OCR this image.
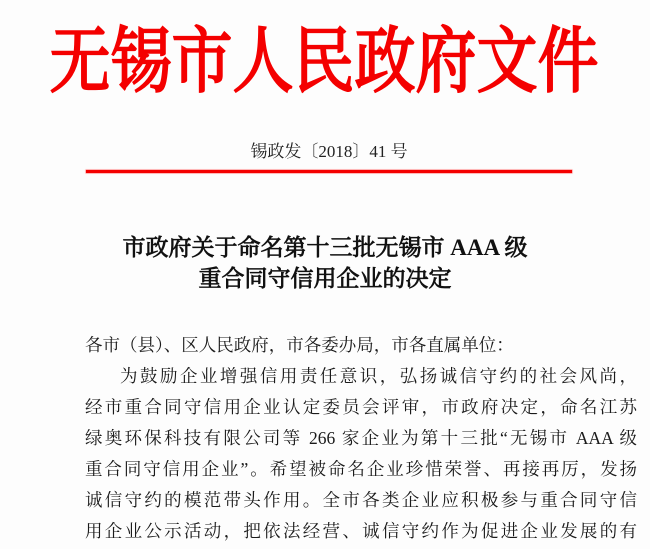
无锡市人民政府文件
锡政发〔2018〕41 号
市政府关于命名第十三批无锡市 AAA 级
重合同守信用企业的决定
各市（县）、区人民政府，市各委办局，市各直属单位：
为鼓励企业增强信用责任意识，弘扬诚信守约的社会风尚，
经市重合同守信用企业认定委员会评审，市政府决定，命名江苏
绿奥环保科技有限公司等 266 家企业为第十三批“无锡市 AAA 级
重合同守信用企业”。希望被命名企业珍惜荣誉、再接再厉，发扬
诚信守约的模范带头作用。全市各类企业应积极参与重合同守信
用企业公示活动，把依法经营、诚信守约作为促进企业发展的有
